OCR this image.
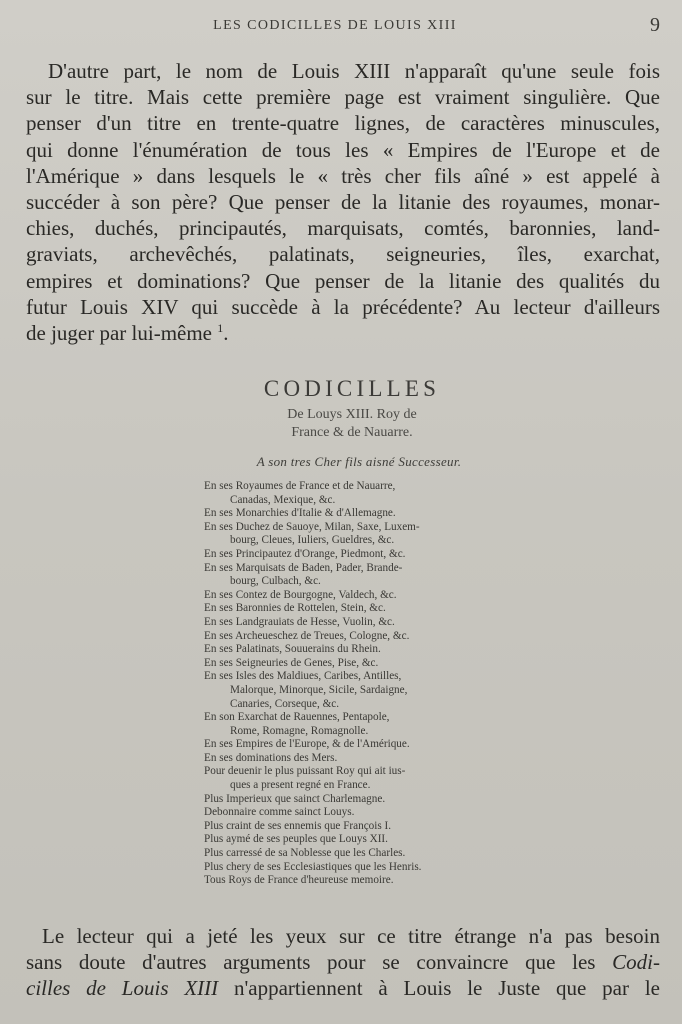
LES CODICILLES DE LOUIS XIII	9

D'autre part, le nom de Louis XIII n'apparaît qu'une seule fois
sur le titre. Mais cette première page est vraiment singulière. Que
penser d'un titre en trente-quatre lignes, de caractères minuscules,
qui donne l'énumération de tous les « Empires de l'Europe et de
l'Amérique » dans lesquels le « très cher fils aîné » est appelé à
succéder à son père? Que penser de la litanie des royaumes, monar-
chies, duchés, principautés, marquisats, comtés, baronnies, land-
graviats, archevêchés, palatinats, seigneuries, îles, exarchat,
empires et dominations? Que penser de la litanie des qualités du
futur Louis XIV qui succède à la précédente? Au lecteur d'ailleurs
de juger par lui-même $^1$.

CODICILLES
De Louys XIII. Roy de
France & de Nauarre.
A son tres Cher fils aisné Successeur.
En ses Royaumes de France et de Nauarre,
Canadas, Mexique, &c.
En ses Monarchies d'Italie & d'Allemagne.
En ses Duchez de Sauoye, Milan, Saxe, Luxem-
bourg, Cleues, Iuliers, Gueldres, &c.
En ses Principautez d'Orange, Piedmont, &c.
En ses Marquisats de Baden, Pader, Brande-
bourg, Culbach, &c.
En ses Contez de Bourgogne, Valdech, &c.
En ses Baronnies de Rottelen, Stein, &c.
En ses Landgrauiats de Hesse, Vuolin, &c.
En ses Archeueschez de Treues, Cologne, &c.
En ses Palatinats, Souuerains du Rhein.
En ses Seigneuries de Genes, Pise, &c.
En ses Isles des Maldiues, Caribes, Antilles,
Malorque, Minorque, Sicile, Sardaigne,
Canaries, Corseque, &c.
En son Exarchat de Rauennes, Pentapole,
Rome, Romagne, Romagnolle.
En ses Empires de l'Europe, & de l'Amérique.
En ses dominations des Mers.
Pour deuenir le plus puissant Roy qui ait ius-
ques a present regné en France.
Plus Imperieux que sainct Charlemagne.
Debonnaire comme sainct Louys.
Plus craint de ses ennemis que François I.
Plus aymé de ses peuples que Louys XII.
Plus carressé de sa Noblesse que les Charles.
Plus chery de ses Ecclesiastiques que les Henris.
Tous Roys de France d'heureuse memoire.

Le lecteur qui a jeté les yeux sur ce titre étrange n'a pas besoin
sans doute d'autres arguments pour se convaincre que les Codi-
cilles de Louis XIII n'appartiennent à Louis le Juste que par le
